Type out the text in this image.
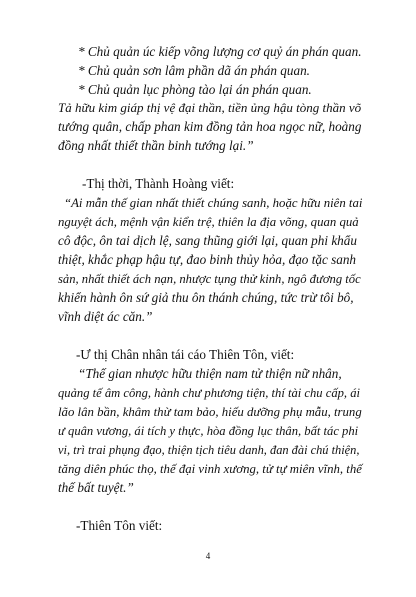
* Chủ quản úc kiếp võng lượng cơ quỷ án phán quan.
* Chủ quản sơn lâm phần dã án phán quan.
* Chủ quản lục phòng tào lại án phán quan.
Tả hữu kim giáp thị vệ đại thần, tiền ủng hậu tòng thần võ
tướng quân, chấp phan kim đồng tản hoa ngọc nữ, hoàng
đồng nhất thiết thần binh tướng lại.”
-Thị thời, Thành Hoàng viết:
“Ai mẫn thế gian nhất thiết chúng sanh, hoặc hữu niên tai
nguyệt ách, mệnh vận kiển trệ, thiên la địa võng, quan quả
cô độc, ôn tai dịch lệ, sang thũng giới lại, quan phi khẩu
thiệt, khắc phạp hậu tự, đao binh thủy hỏa, đạo tặc sanh
sản, nhất thiết ách nạn, nhược tụng thử kinh, ngô đương tốc
khiển hành ôn sứ giả thu ôn thánh chúng, tức trừ tôi bô,
vĩnh diệt ác căn.”
-Ư thị Chân nhân tái cáo Thiên Tôn, viết:
“Thế gian nhược hữu thiện nam tử thiện nữ nhân,
quảng tế âm công, hành chư phương tiện, thí tài chu cấp, ái
lão lân bần, khâm thừ tam bảo, hiếu dưỡng phụ mẫu, trung
ư quân vương, ái tích y thực, hòa đồng lục thân, bất tác phi
vi, trì trai phụng đạo, thiện tịch tiêu danh, đan đài chú thiện,
tăng diên phúc thọ, thế đại vinh xương, tử tự miên vĩnh, thế
thế bất tuyệt.”
-Thiên Tôn viết:
4
